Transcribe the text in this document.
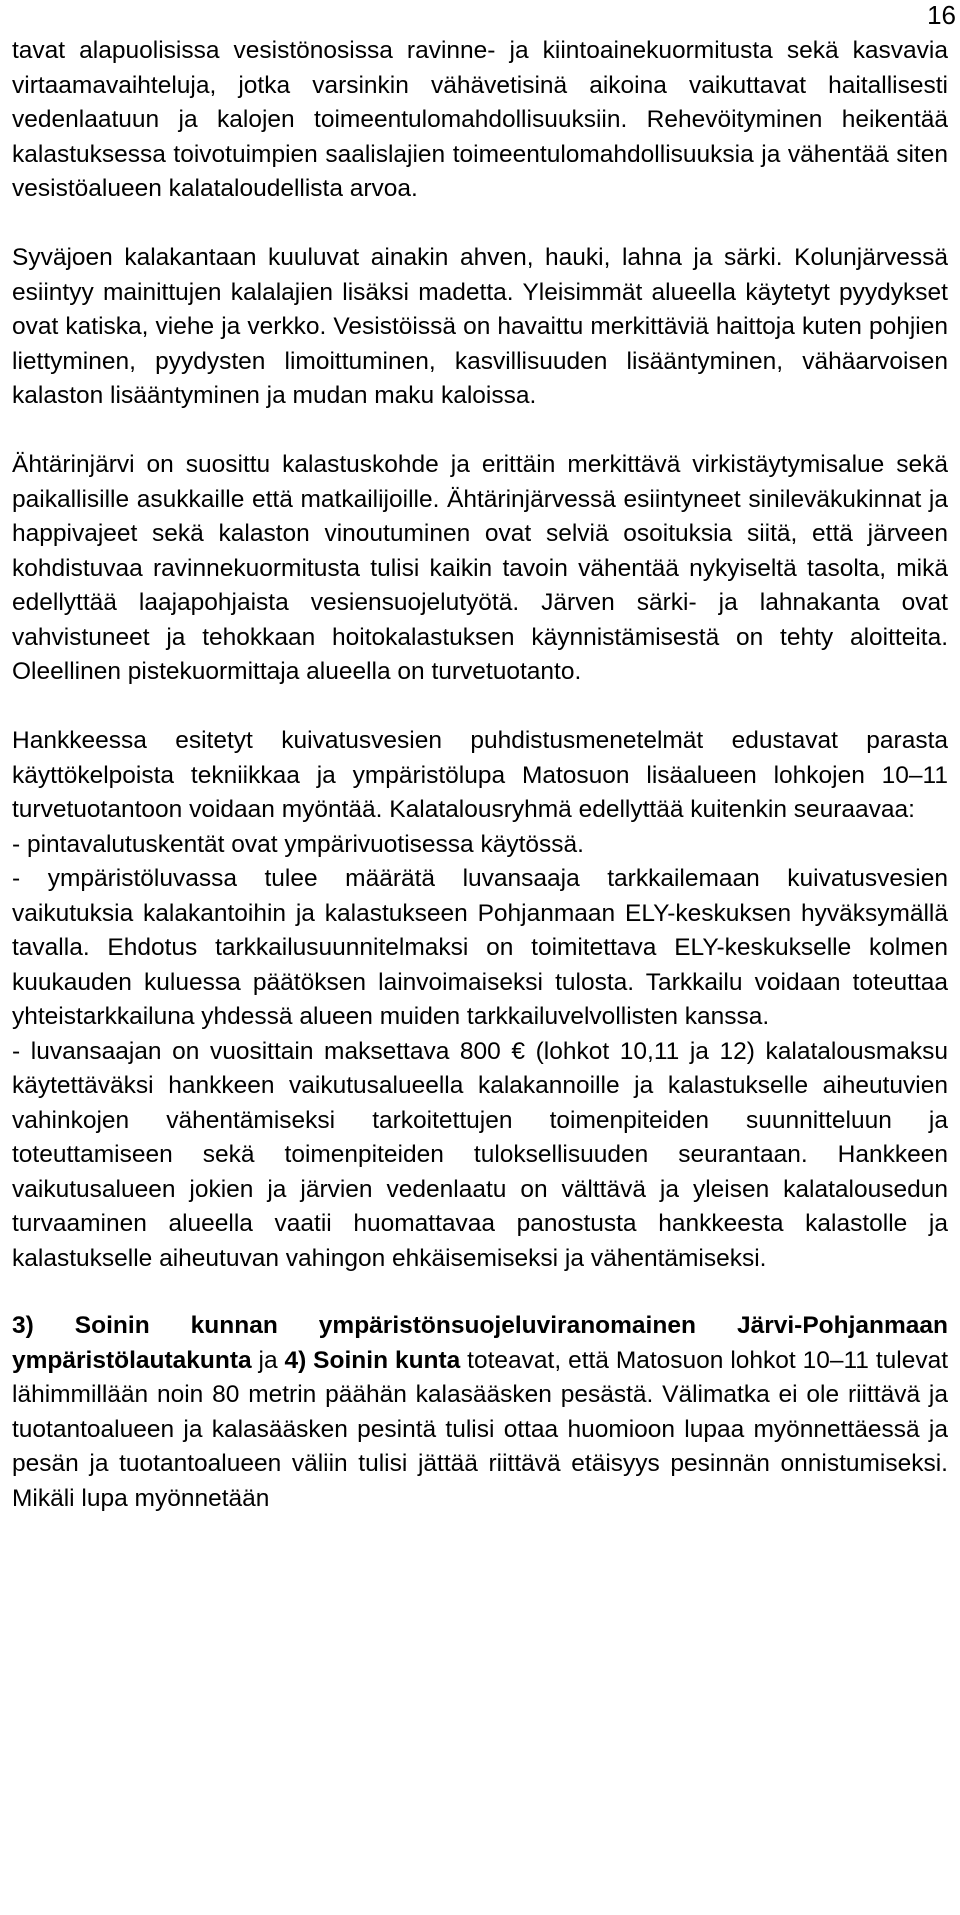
16

tavat alapuolisissa vesistönosissa ravinne- ja kiintoainekuormitusta sekä kasvavia virtaamavaihteluja, jotka varsinkin vähävetisinä aikoina vaikuttavat haitallisesti vedenlaatuun ja kalojen toimeentulomahdollisuuksiin. Rehevöityminen heikentää kalastuksessa toivotuimpien saalislajien toimeentulomahdollisuuksia ja vähentää siten vesistöalueen kalataloudellista arvoa.

Syväjoen kalakantaan kuuluvat ainakin ahven, hauki, lahna ja särki. Kolunjärvessä esiintyy mainittujen kalalajien lisäksi madetta. Yleisimmät alueella käytetyt pyydykset ovat katiska, viehe ja verkko. Vesistöissä on havaittu merkittäviä haittoja kuten pohjien liettyminen, pyydysten limoittuminen, kasvillisuuden lisääntyminen, vähäarvoisen kalaston lisääntyminen ja mudan maku kaloissa.

Ähtärinjärvi on suosittu kalastuskohde ja erittäin merkittävä virkistäytymisalue sekä paikallisille asukkaille että matkailijoille. Ähtärinjärvessä esiintyneet sinileväkukinnat ja happivajeet sekä kalaston vinoutuminen ovat selviä osoituksia siitä, että järveen kohdistuvaa ravinnekuormitusta tulisi kaikin tavoin vähentää nykyiseltä tasolta, mikä edellyttää laajapohjaista vesiensuojelutyötä. Järven särki- ja lahnakanta ovat vahvistuneet ja tehokkaan hoitokalastuksen käynnistämisestä on tehty aloitteita. Oleellinen pistekuormittaja alueella on turvetuotanto.

Hankkeessa esitetyt kuivatusvesien puhdistusmenetelmät edustavat parasta käyttökelpoista tekniikkaa ja ympäristölupa Matosuon lisäalueen lohkojen 10–11 turvetuotantoon voidaan myöntää. Kalatalousryhmä edellyttää kuitenkin seuraavaa:

- pintavalutuskentät ovat ympärivuotisessa käytössä.

- ympäristöluvassa tulee määrätä luvansaaja tarkkailemaan kuivatusvesien vaikutuksia kalakantoihin ja kalastukseen Pohjanmaan ELY-keskuksen hyväksymällä tavalla. Ehdotus tarkkailusuunnitelmaksi on toimitettava ELY-keskukselle kolmen kuukauden kuluessa päätöksen lainvoimaiseksi tulosta. Tarkkailu voidaan toteuttaa yhteistarkkailuna yhdessä alueen muiden tarkkailuvelvollisten kanssa.

- luvansaajan on vuosittain maksettava 800 € (lohkot 10,11 ja 12) kalatalousmaksu käytettäväksi hankkeen vaikutusalueella kalakannoille ja kalastukselle aiheutuvien vahinkojen vähentämiseksi tarkoitettujen toimenpiteiden suunnitteluun ja toteuttamiseen sekä toimenpiteiden tuloksellisuuden seurantaan. Hankkeen vaikutusalueen jokien ja järvien vedenlaatu on välttävä ja yleisen kalatalousedun turvaaminen alueella vaatii huomattavaa panostusta hankkeesta kalastolle ja kalastukselle aiheutuvan vahingon ehkäisemiseksi ja vähentämiseksi.

3) Soinin kunnan ympäristönsuojeluviranomainen Järvi-Pohjanmaan ympäristölautakunta ja 4) Soinin kunta toteavat, että Matosuon lohkot 10–11 tulevat lähimmillään noin 80 metrin päähän kalasääsken pesästä. Välimatka ei ole riittävä ja tuotantoalueen ja kalasääsken pesintä tulisi ottaa huomioon lupaa myönnettäessä ja pesän ja tuotantoalueen väliin tulisi jättää riittävä etäisyys pesinnän onnistumiseksi. Mikäli lupa myönnetään
